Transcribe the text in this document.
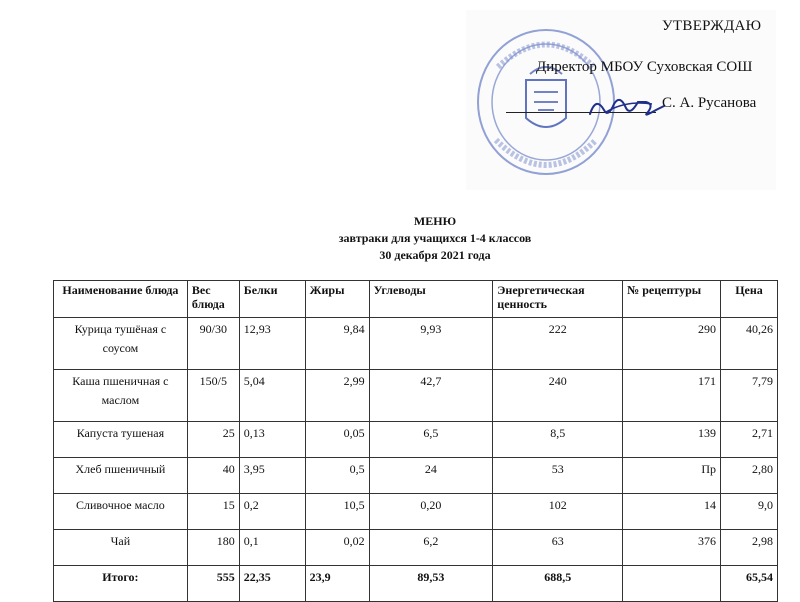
УТВЕРЖДАЮ
Директор МБОУ Суховская СОШ
С. А. Русанова
МЕНЮ
завтраки для учащихся 1-4 классов
30 декабря 2021 года
Наименование блюда	Вес блюда	Белки	Жиры	Углеводы	Энергетическая ценность	№ рецептуры	Цена
Курица тушёная с соусом	90/30	12,93	9,84	9,93	222	290	40,26
Каша пшеничная с маслом	150/5	5,04	2,99	42,7	240	171	7,79
Капуста тушеная	25	0,13	0,05	6,5	8,5	139	2,71
Хлеб пшеничный	40	3,95	0,5	24	53	Пр	2,80
Сливочное масло	15	0,2	10,5	0,20	102	14	9,0
Чай	180	0,1	0,02	6,2	63	376	2,98
Итого:	555	22,35	23,9	89,53	688,5		65,54
